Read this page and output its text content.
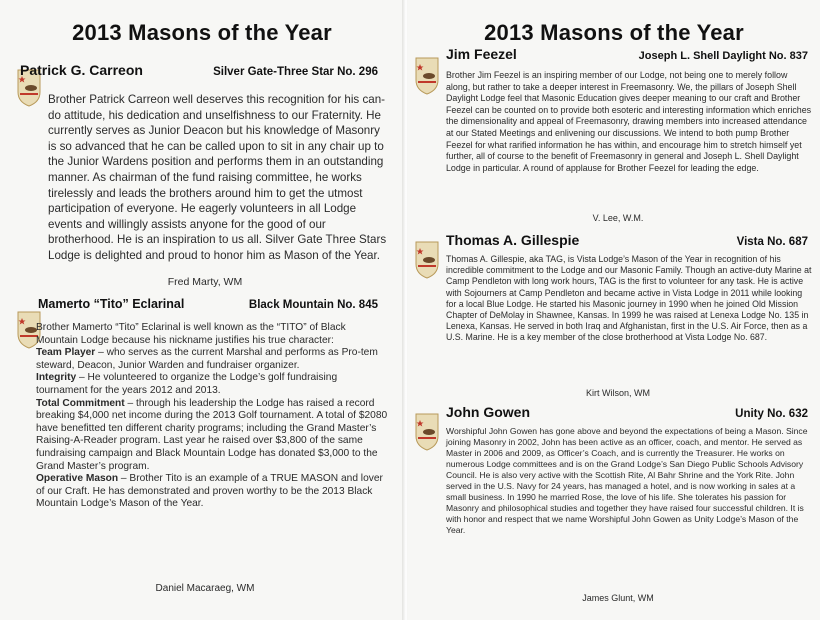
2013 Masons of the Year
Patrick G. Carreon	Silver Gate-Three Star No. 296

Brother Patrick Carreon well deserves this recognition for his can-do attitude, his dedication and unselfishness to our Fraternity. He currently serves as Junior Deacon but his knowledge of Masonry is so advanced that he can be called upon to sit in any chair up to the Junior Wardens position and performs them in an outstanding manner. As chairman of the fund raising committee, he works tirelessly and leads the brothers around him to get the utmost participation of everyone. He eagerly volunteers in all Lodge events and willingly assists anyone for the good of our brotherhood. He is an inspiration to us all. Silver Gate Three Stars Lodge is delighted and proud to honor him as Mason of the Year.

Fred Marty, WM
Mamerto “Tito” Eclarinal	Black Mountain No. 845

Brother Mamerto “Tito” Eclarinal is well known as the “TITO” of Black Mountain Lodge because his nickname justifies his true character:

Team Player – who serves as the current Marshal and performs as Pro-tem steward, Deacon, Junior Warden and fundraiser organizer.

Integrity – He volunteered to organize the Lodge’s golf fundraising tournament for the years 2012 and 2013.

Total Commitment – through his leadership the Lodge has raised a record breaking $4,000 net income during the 2013 Golf tournament. A total of $2080 have benefitted ten different charity programs; including the Grand Master’s Raising-A-Reader program. Last year he raised over $3,800 of the same fundraising campaign and Black Mountain Lodge has donated $3,000 to the Grand Master’s program.

Operative Mason – Brother Tito is an example of a TRUE MASON and lover of our Craft. He has demonstrated and proven worthy to be the 2013 Black Mountain Lodge’s Mason of the Year.

Daniel Macaraeg, WM
2013 Masons of the Year
Jim Feezel	Joseph L. Shell Daylight No. 837

Brother Jim Feezel is an inspiring member of our Lodge, not being one to merely follow along, but rather to take a deeper interest in Freemasonry. We, the pillars of Joseph Shell Daylight Lodge feel that Masonic Education gives deeper meaning to our craft and Brother Feezel can be counted on to provide both esoteric and interesting information which enriches the dimensionality and appeal of Freemasonry, drawing members into increased attendance at our Stated Meetings and enlivening our discussions. We intend to both pump Brother Feezel for what rarified information he has within, and encourage him to stretch himself yet further, all of course to the benefit of Freemasonry in general and Joseph L. Shell Daylight Lodge in particular. A round of applause for Brother Feezel for leading the edge.

V. Lee, W.M.
Thomas A. Gillespie	Vista No. 687

Thomas A. Gillespie, aka TAG, is Vista Lodge’s Mason of the Year in recognition of his incredible commitment to the Lodge and our Masonic Family. Though an active-duty Marine at Camp Pendleton with long work hours, TAG is the first to volunteer for any task. He is active with Sojourners at Camp Pendleton and became active in Vista Lodge in 2011 while looking for a local Blue Lodge. He started his Masonic journey in 1990 when he joined Old Mission Chapter of DeMolay in Shawnee, Kansas. In 1999 he was raised at Lenexa Lodge No. 135 in Lenexa, Kansas. He served in both Iraq and Afghanistan, first in the U.S. Air Force, then as a U.S. Marine. He is a key member of the close brotherhood at Vista Lodge No. 687.

Kirt Wilson, WM
John Gowen	Unity No. 632

Worshipful John Gowen has gone above and beyond the expectations of being a Mason. Since joining Masonry in 2002, John has been active as an officer, coach, and mentor. He served as Master in 2006 and 2009, as Officer’s Coach, and is currently the Treasurer. He works on numerous Lodge committees and is on the Grand Lodge’s San Diego Public Schools Advisory Council. He is also very active with the Scottish Rite, Al Bahr Shrine and the York Rite. John served in the U.S. Navy for 24 years, has managed a hotel, and is now working in sales at a small business. In 1990 he married Rose, the love of his life. She tolerates his passion for Masonry and philosophical studies and together they have raised four successful children. It is with honor and respect that we name Worshipful John Gowen as Unity Lodge’s Mason of the Year.

James Glunt, WM
